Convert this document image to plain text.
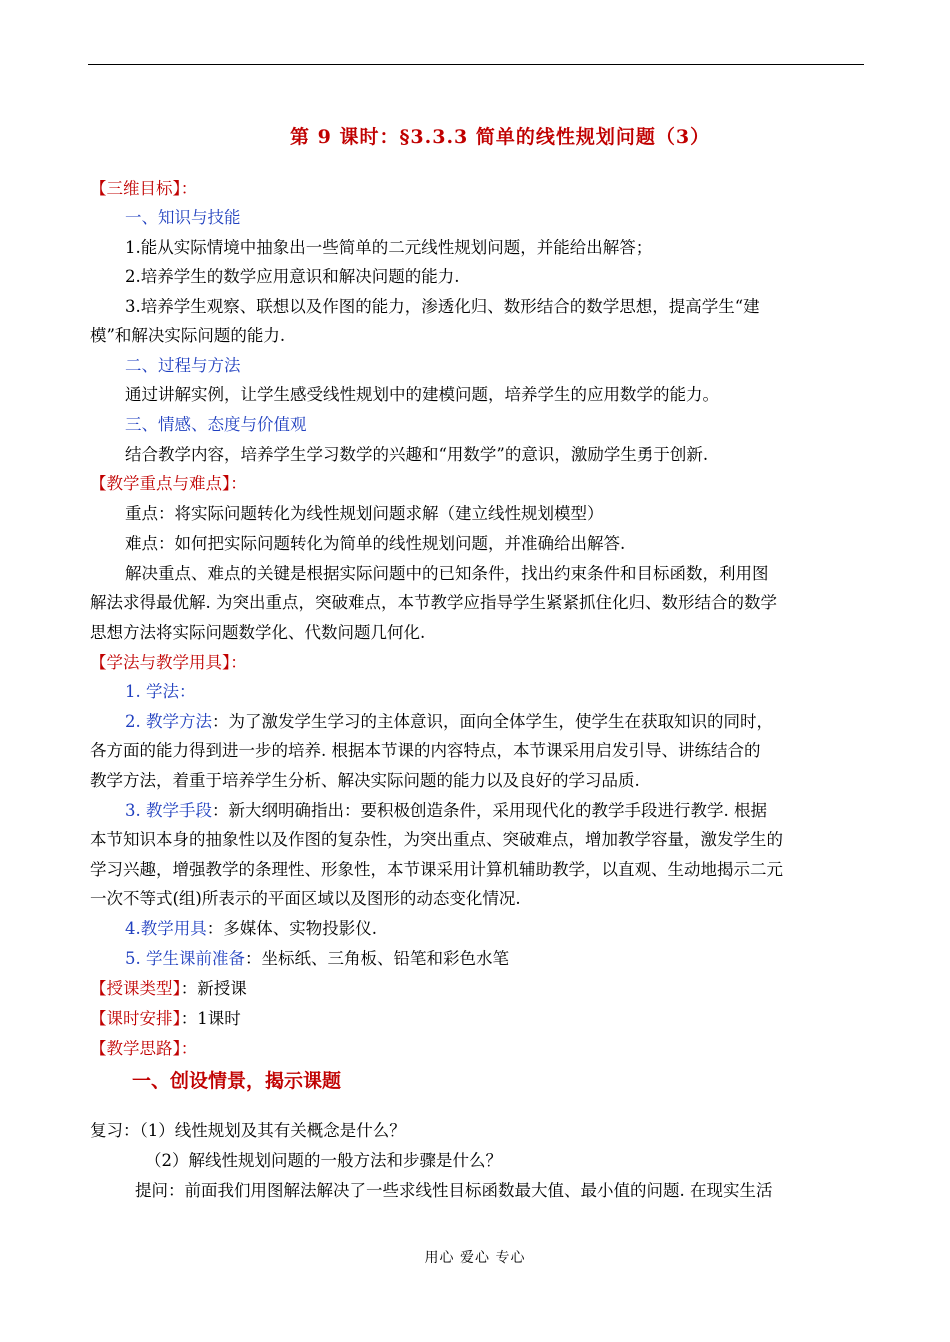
第 9 课时：§3.3.3 简单的线性规划问题（3）
【三维目标】：
一、知识与技能
1.能从实际情境中抽象出一些简单的二元线性规划问题，并能给出解答；
2.培养学生的数学应用意识和解决问题的能力.
3.培养学生观察、联想以及作图的能力，渗透化归、数形结合的数学思想，提高学生“建
模”和解决实际问题的能力.
二、过程与方法
通过讲解实例，让学生感受线性规划中的建模问题，培养学生的应用数学的能力。
三、情感、态度与价值观
结合教学内容，培养学生学习数学的兴趣和“用数学”的意识，激励学生勇于创新.
【教学重点与难点】：
重点：将实际问题转化为线性规划问题求解（建立线性规划模型）
难点：如何把实际问题转化为简单的线性规划问题，并准确给出解答.
解决重点、难点的关键是根据实际问题中的已知条件，找出约束条件和目标函数，利用图
解法求得最优解. 为突出重点，突破难点，本节教学应指导学生紧紧抓住化归、数形结合的数学
思想方法将实际问题数学化、代数问题几何化.
【学法与教学用具】：
1. 学法：
2. 教学方法：为了激发学生学习的主体意识，面向全体学生，使学生在获取知识的同时，
各方面的能力得到进一步的培养. 根据本节课的内容特点，本节课采用启发引导、讲练结合的
教学方法，着重于培养学生分析、解决实际问题的能力以及良好的学习品质.
3. 教学手段：新大纲明确指出：要积极创造条件，采用现代化的教学手段进行教学. 根据
本节知识本身的抽象性以及作图的复杂性，为突出重点、突破难点，增加教学容量，激发学生的
学习兴趣，增强教学的条理性、形象性，本节课采用计算机辅助教学，以直观、生动地揭示二元
一次不等式(组)所表示的平面区域以及图形的动态变化情况.
4.教学用具：多媒体、实物投影仪.
5. 学生课前准备：坐标纸、三角板、铅笔和彩色水笔
【授课类型】：新授课
【课时安排】：1课时
【教学思路】：
一、创设情景，揭示课题
复习：（1）线性规划及其有关概念是什么？
（2）解线性规划问题的一般方法和步骤是什么？
提问：前面我们用图解法解决了一些求线性目标函数最大值、最小值的问题. 在现实生活
用心 爱心 专心
